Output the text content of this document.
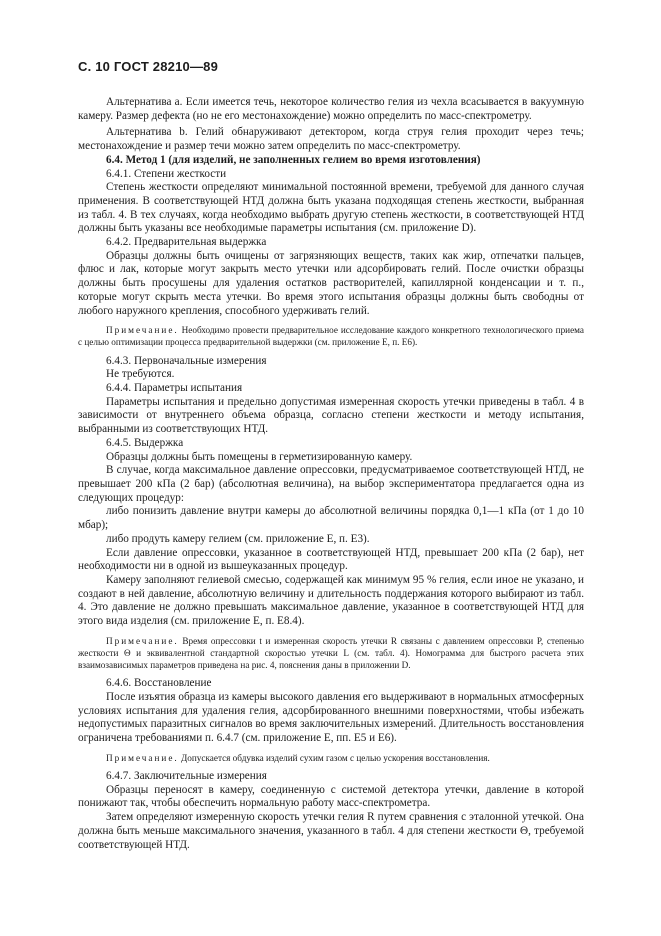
С. 10 ГОСТ 28210—89

Альтернатива а. Если имеется течь, некоторое количество гелия из чехла всасывается в вакуумную камеру. Размер дефекта (но не его местонахождение) можно определить по масс-спектрометру.

Альтернатива b. Гелий обнаруживают детектором, когда струя гелия проходит через течь; местонахождение и размер течи можно затем определить по масс-спектрометру.

6.4. Метод 1 (для изделий, не заполненных гелием во время изготовления)

6.4.1. Степени жесткости

Степень жесткости определяют минимальной постоянной времени, требуемой для данного случая применения. В соответствующей НТД должна быть указана подходящая степень жесткости, выбранная из табл. 4. В тех случаях, когда необходимо выбрать другую степень жесткости, в соответствующей НТД должны быть указаны все необходимые параметры испытания (см. приложение D).

6.4.2. Предварительная выдержка

Образцы должны быть очищены от загрязняющих веществ, таких как жир, отпечатки пальцев, флюс и лак, которые могут закрыть место утечки или адсорбировать гелий. После очистки образцы должны быть просушены для удаления остатков растворителей, капиллярной конденсации и т. п., которые могут скрыть места утечки. Во время этого испытания образцы должны быть свободны от любого наружного крепления, способного удерживать гелий.

Примечание. Необходимо провести предварительное исследование каждого конкретного технологического приема с целью оптимизации процесса предварительной выдержки (см. приложение Е, п. Е6).

6.4.3. Первоначальные измерения

Не требуются.

6.4.4. Параметры испытания

Параметры испытания и предельно допустимая измеренная скорость утечки приведены в табл. 4 в зависимости от внутреннего объема образца, согласно степени жесткости и методу испытания, выбранными из соответствующих НТД.

6.4.5. Выдержка

Образцы должны быть помещены в герметизированную камеру.

В случае, когда максимальное давление опрессовки, предусматриваемое соответствующей НТД, не превышает 200 кПа (2 бар) (абсолютная величина), на выбор экспериментатора предлагается одна из следующих процедур:

либо понизить давление внутри камеры до абсолютной величины порядка 0,1—1 кПа (от 1 до 10 мбар);

либо продуть камеру гелием (см. приложение Е, п. Е3).

Если давление опрессовки, указанное в соответствующей НТД, превышает 200 кПа (2 бар), нет необходимости ни в одной из вышеуказанных процедур.

Камеру заполняют гелиевой смесью, содержащей как минимум 95 % гелия, если иное не указано, и создают в ней давление, абсолютную величину и длительность поддержания которого выбирают из табл. 4. Это давление не должно превышать максимальное давление, указанное в соответствующей НТД для этого вида изделия (см. приложение Е, п. Е8.4).

Примечание. Время опрессовки t и измеренная скорость утечки R связаны с давлением опрессовки P, степенью жесткости Θ и эквивалентной стандартной скоростью утечки L (см. табл. 4). Номограмма для быстрого расчета этих взаимозависимых параметров приведена на рис. 4, пояснения даны в приложении D.

6.4.6. Восстановление

После изъятия образца из камеры высокого давления его выдерживают в нормальных атмосферных условиях испытания для удаления гелия, адсорбированного внешними поверхностями, чтобы избежать недопустимых паразитных сигналов во время заключительных измерений. Длительность восстановления ограничена требованиями п. 6.4.7 (см. приложение Е, пп. Е5 и Е6).

Примечание. Допускается обдувка изделий сухим газом с целью ускорения восстановления.

6.4.7. Заключительные измерения

Образцы переносят в камеру, соединенную с системой детектора утечки, давление в которой понижают так, чтобы обеспечить нормальную работу масс-спектрометра.

Затем определяют измеренную скорость утечки гелия R путем сравнения с эталонной утечкой. Она должна быть меньше максимального значения, указанного в табл. 4 для степени жесткости Θ, требуемой соответствующей НТД.
